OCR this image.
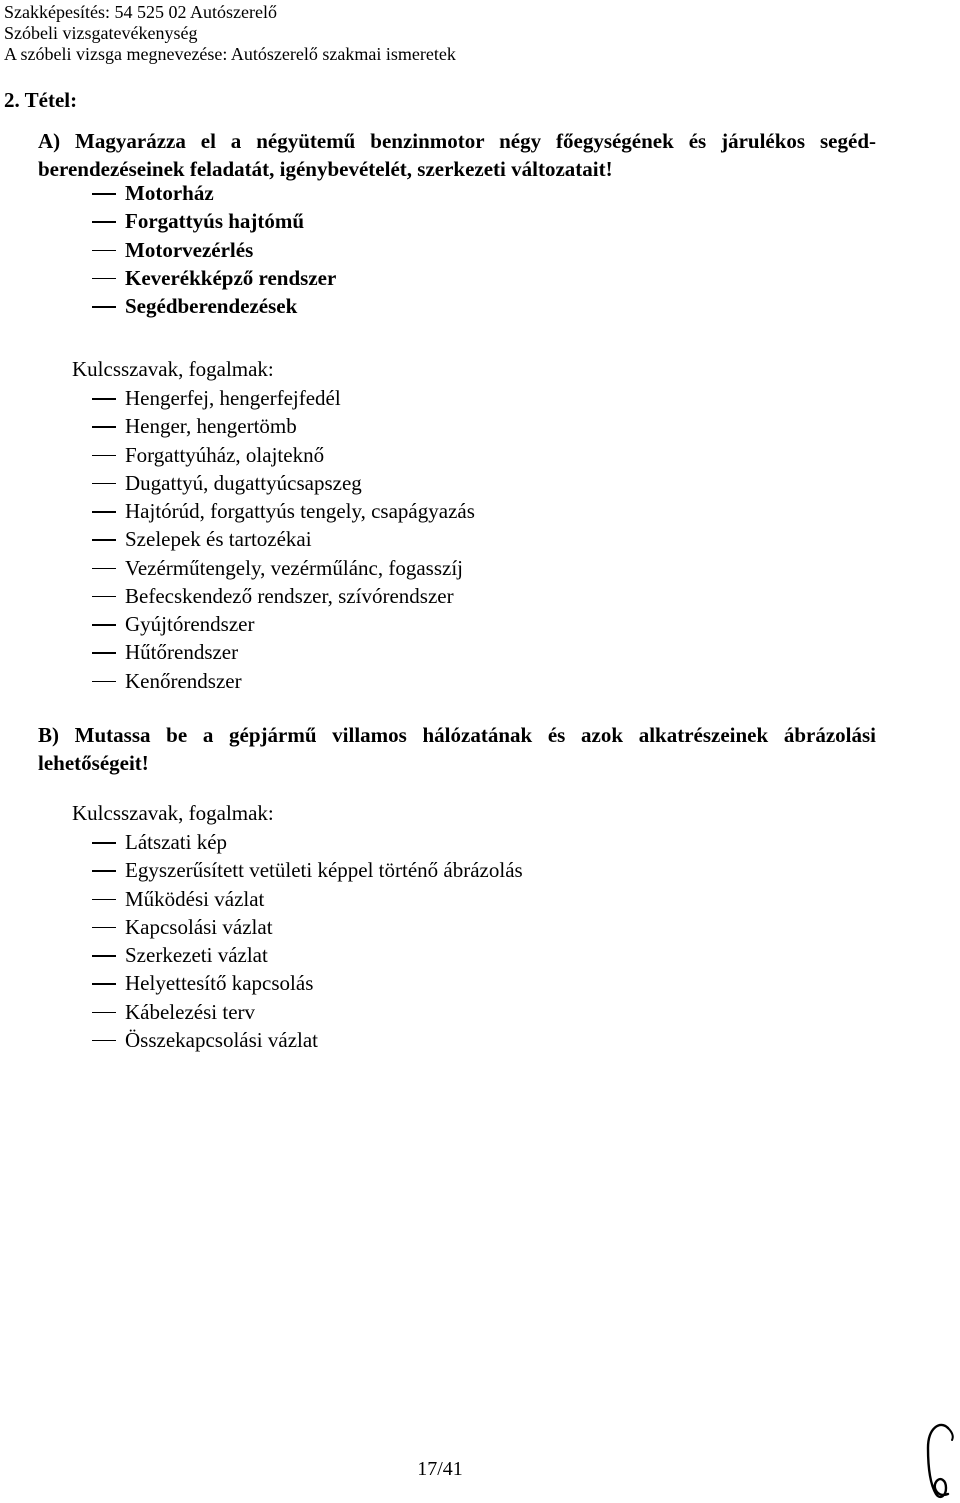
Szakképesítés: 54 525 02 Autószerelő
Szóbeli vizsgatevékenység
A szóbeli vizsga megnevezése: Autószerelő szakmai ismeretek
2. Tétel:
A) Magyarázza el a négyütemű benzinmotor négy főegységének és járulékos segéd-
berendezéseinek feladatát, igénybevételét, szerkezeti változatait!
Motorház
Forgattyús hajtómű
Motorvezérlés
Keverékképző rendszer
Segédberendezések
Kulcsszavak, fogalmak:
Hengerfej, hengerfejfedél
Henger, hengertömb
Forgattyúház, olajteknő
Dugattyú, dugattyúcsapszeg
Hajtórúd, forgattyús tengely, csapágyazás
Szelepek és tartozékai
Vezérműtengely, vezérműlánc, fogasszíj
Befecskendező rendszer, szívórendszer
Gyújtórendszer
Hűtőrendszer
Kenőrendszer
B) Mutassa be a gépjármű villamos hálózatának és azok alkatrészeinek ábrázolási
lehetőségeit!
Kulcsszavak, fogalmak:
Látszati kép
Egyszerűsített vetületi képpel történő ábrázolás
Működési vázlat
Kapcsolási vázlat
Szerkezeti vázlat
Helyettesítő kapcsolás
Kábelezési terv
Összekapcsolási vázlat
17/41
